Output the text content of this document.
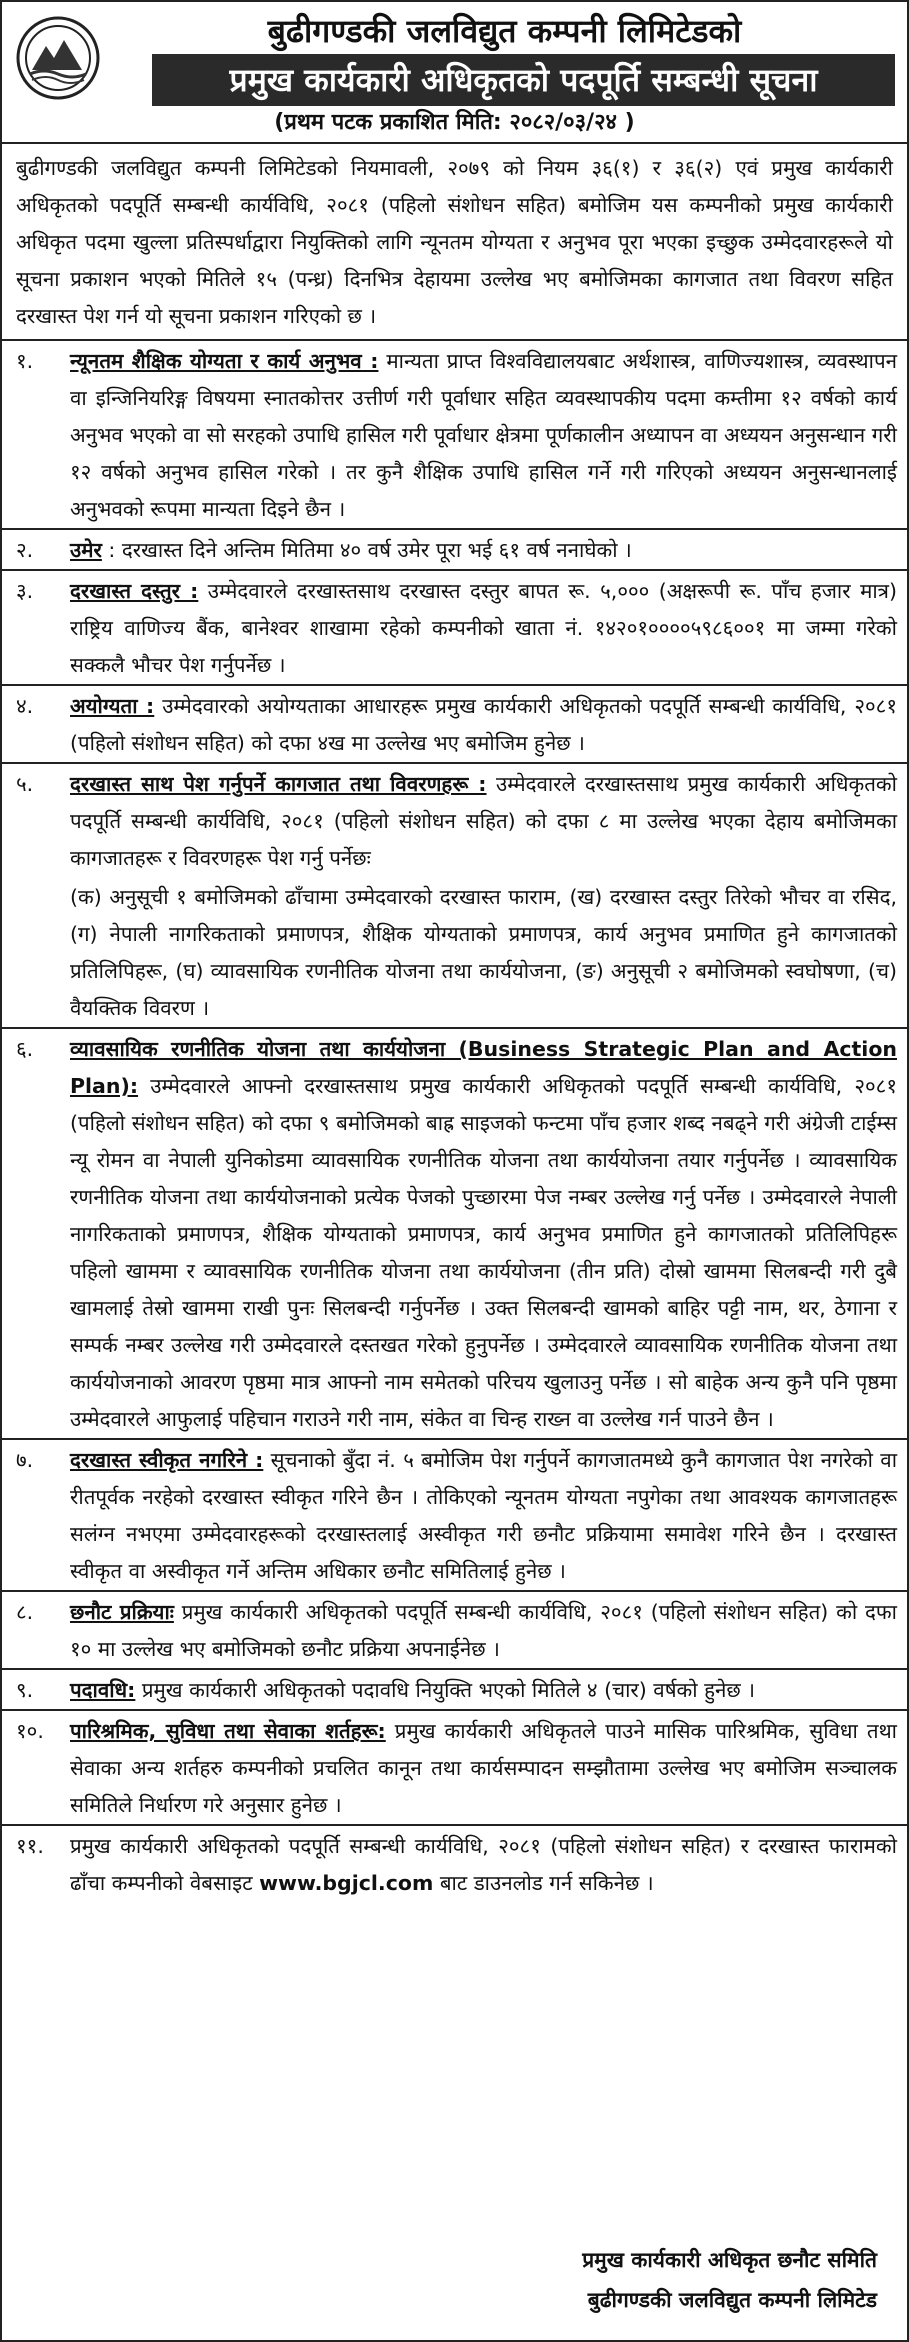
बुढीगण्डकी जलविद्युत कम्पनी लिमिटेडको
प्रमुख कार्यकारी अधिकृतको पदपूर्ति सम्बन्धी सूचना
(प्रथम पटक प्रकाशित मिति: २०८२/०३/२४ )
बुढीगण्डकी जलविद्युत कम्पनी लिमिटेडको नियमावली, २०७९ को नियम ३६(१) र ३६(२) एवं प्रमुख कार्यकारी अधिकृतको पदपूर्ति सम्बन्धी कार्यविधि, २०८१ (पहिलो संशोधन सहित) बमोजिम यस कम्पनीको प्रमुख कार्यकारी अधिकृत पदमा खुल्ला प्रतिस्पर्धाद्वारा नियुक्तिको लागि न्यूनतम योग्यता र अनुभव पूरा भएका इच्छुक उम्मेदवारहरूले यो सूचना प्रकाशन भएको मितिले १५ (पन्ध्र) दिनभित्र देहायमा उल्लेख भए बमोजिमका कागजात तथा विवरण सहित दरखास्त पेश गर्न यो सूचना प्रकाशन गरिएको छ ।
१.	न्यूनतम शैक्षिक योग्यता र कार्य अनुभव : मान्यता प्राप्त विश्वविद्यालयबाट अर्थशास्त्र, वाणिज्यशास्त्र, व्यवस्थापन वा इन्जिनियरिङ्ग विषयमा स्नातकोत्तर उत्तीर्ण गरी पूर्वाधार सहित व्यवस्थापकीय पदमा कम्तीमा १२ वर्षको कार्य अनुभव भएको वा सो सरहको उपाधि हासिल गरी पूर्वाधार क्षेत्रमा पूर्णकालीन अध्यापन वा अध्ययन अनुसन्धान गरी १२ वर्षको अनुभव हासिल गरेको । तर कुनै शैक्षिक उपाधि हासिल गर्ने गरी गरिएको अध्ययन अनुसन्धानलाई अनुभवको रूपमा मान्यता दिइने छैन ।
२.	उमेर : दरखास्त दिने अन्तिम मितिमा ४० वर्ष उमेर पूरा भई ६१ वर्ष ननाघेको ।
३.	दरखास्त दस्तुर : उम्मेदवारले दरखास्तसाथ दरखास्त दस्तुर बापत रू. ५,००० (अक्षरूपी रू. पाँच हजार मात्र) राष्ट्रिय वाणिज्य बैंक, बानेश्वर शाखामा रहेको कम्पनीको खाता नं. १४२०१००००५९८६००१ मा जम्मा गरेको सक्कलै भौचर पेश गर्नुपर्नेछ ।
४.	अयोग्यता : उम्मेदवारको अयोग्यताका आधारहरू प्रमुख कार्यकारी अधिकृतको पदपूर्ति सम्बन्धी कार्यविधि, २०८१ (पहिलो संशोधन सहित) को दफा ४ख मा उल्लेख भए बमोजिम हुनेछ ।
५.	दरखास्त साथ पेश गर्नुपर्ने कागजात तथा विवरणहरू : उम्मेदवारले दरखास्तसाथ प्रमुख कार्यकारी अधिकृतको पदपूर्ति सम्बन्धी कार्यविधि, २०८१ (पहिलो संशोधन सहित) को दफा ८ मा उल्लेख भएका देहाय बमोजिमका कागजातहरू र विवरणहरू पेश गर्नु पर्नेछः
(क) अनुसूची १ बमोजिमको ढाँचामा उम्मेदवारको दरखास्त फाराम, (ख) दरखास्त दस्तुर तिरेको भौचर वा रसिद, (ग) नेपाली नागरिकताको प्रमाणपत्र, शैक्षिक योग्यताको प्रमाणपत्र, कार्य अनुभव प्रमाणित हुने कागजातको प्रतिलिपिहरू, (घ) व्यावसायिक रणनीतिक योजना तथा कार्ययोजना, (ङ) अनुसूची २ बमोजिमको स्वघोषणा, (च) वैयक्तिक विवरण ।
६.	व्यावसायिक रणनीतिक योजना तथा कार्ययोजना (Business Strategic Plan and Action Plan): उम्मेदवारले आफ्नो दरखास्तसाथ प्रमुख कार्यकारी अधिकृतको पदपूर्ति सम्बन्धी कार्यविधि, २०८१ (पहिलो संशोधन सहित) को दफा ९ बमोजिमको बाह्र साइजको फन्टमा पाँच हजार शब्द नबढ्ने गरी अंग्रेजी टाईम्स न्यू रोमन वा नेपाली युनिकोडमा व्यावसायिक रणनीतिक योजना तथा कार्ययोजना तयार गर्नुपर्नेछ । व्यावसायिक रणनीतिक योजना तथा कार्ययोजनाको प्रत्येक पेजको पुच्छारमा पेज नम्बर उल्लेख गर्नु पर्नेछ । उम्मेदवारले नेपाली नागरिकताको प्रमाणपत्र, शैक्षिक योग्यताको प्रमाणपत्र, कार्य अनुभव प्रमाणित हुने कागजातको प्रतिलिपिहरू पहिलो खाममा र व्यावसायिक रणनीतिक योजना तथा कार्ययोजना (तीन प्रति) दोस्रो खाममा सिलबन्दी गरी दुबै खामलाई तेस्रो खाममा राखी पुनः सिलबन्दी गर्नुपर्नेछ । उक्त सिलबन्दी खामको बाहिर पट्टी नाम, थर, ठेगाना र सम्पर्क नम्बर उल्लेख गरी उम्मेदवारले दस्तखत गरेको हुनुपर्नेछ । उम्मेदवारले व्यावसायिक रणनीतिक योजना तथा कार्ययोजनाको आवरण पृष्ठमा मात्र आफ्नो नाम समेतको परिचय खुलाउनु पर्नेछ । सो बाहेक अन्य कुनै पनि पृष्ठमा उम्मेदवारले आफुलाई पहिचान गराउने गरी नाम, संकेत वा चिन्ह राख्न वा उल्लेख गर्न पाउने छैन ।
७.	दरखास्त स्वीकृत नगरिने : सूचनाको बुँदा नं. ५ बमोजिम पेश गर्नुपर्ने कागजातमध्ये कुनै कागजात पेश नगरेको वा रीतपूर्वक नरहेको दरखास्त स्वीकृत गरिने छैन । तोकिएको न्यूनतम योग्यता नपुगेका तथा आवश्यक कागजातहरू सलंग्न नभएमा उम्मेदवारहरूको दरखास्तलाई अस्वीकृत गरी छनौट प्रक्रियामा समावेश गरिने छैन । दरखास्त स्वीकृत वा अस्वीकृत गर्ने अन्तिम अधिकार छनौट समितिलाई हुनेछ ।
८.	छनौट प्रक्रियाः प्रमुख कार्यकारी अधिकृतको पदपूर्ति सम्बन्धी कार्यविधि, २०८१ (पहिलो संशोधन सहित) को दफा १० मा उल्लेख भए बमोजिमको छनौट प्रक्रिया अपनाईनेछ ।
९.	पदावधि: प्रमुख कार्यकारी अधिकृतको पदावधि नियुक्ति भएको मितिले ४ (चार) वर्षको हुनेछ ।
१०.	पारिश्रमिक, सुविधा तथा सेवाका शर्तहरू: प्रमुख कार्यकारी अधिकृतले पाउने मासिक पारिश्रमिक, सुविधा तथा सेवाका अन्य शर्तहरु कम्पनीको प्रचलित कानून तथा कार्यसम्पादन सम्झौतामा उल्लेख भए बमोजिम सञ्चालक समितिले निर्धारण गरे अनुसार हुनेछ ।
११.	प्रमुख कार्यकारी अधिकृतको पदपूर्ति सम्बन्धी कार्यविधि, २०८१ (पहिलो संशोधन सहित) र दरखास्त फारामको ढाँचा कम्पनीको वेबसाइट www.bgjcl.com बाट डाउनलोड गर्न सकिनेछ ।
प्रमुख कार्यकारी अधिकृत छनौट समिति
बुढीगण्डकी जलविद्युत कम्पनी लिमिटेड
